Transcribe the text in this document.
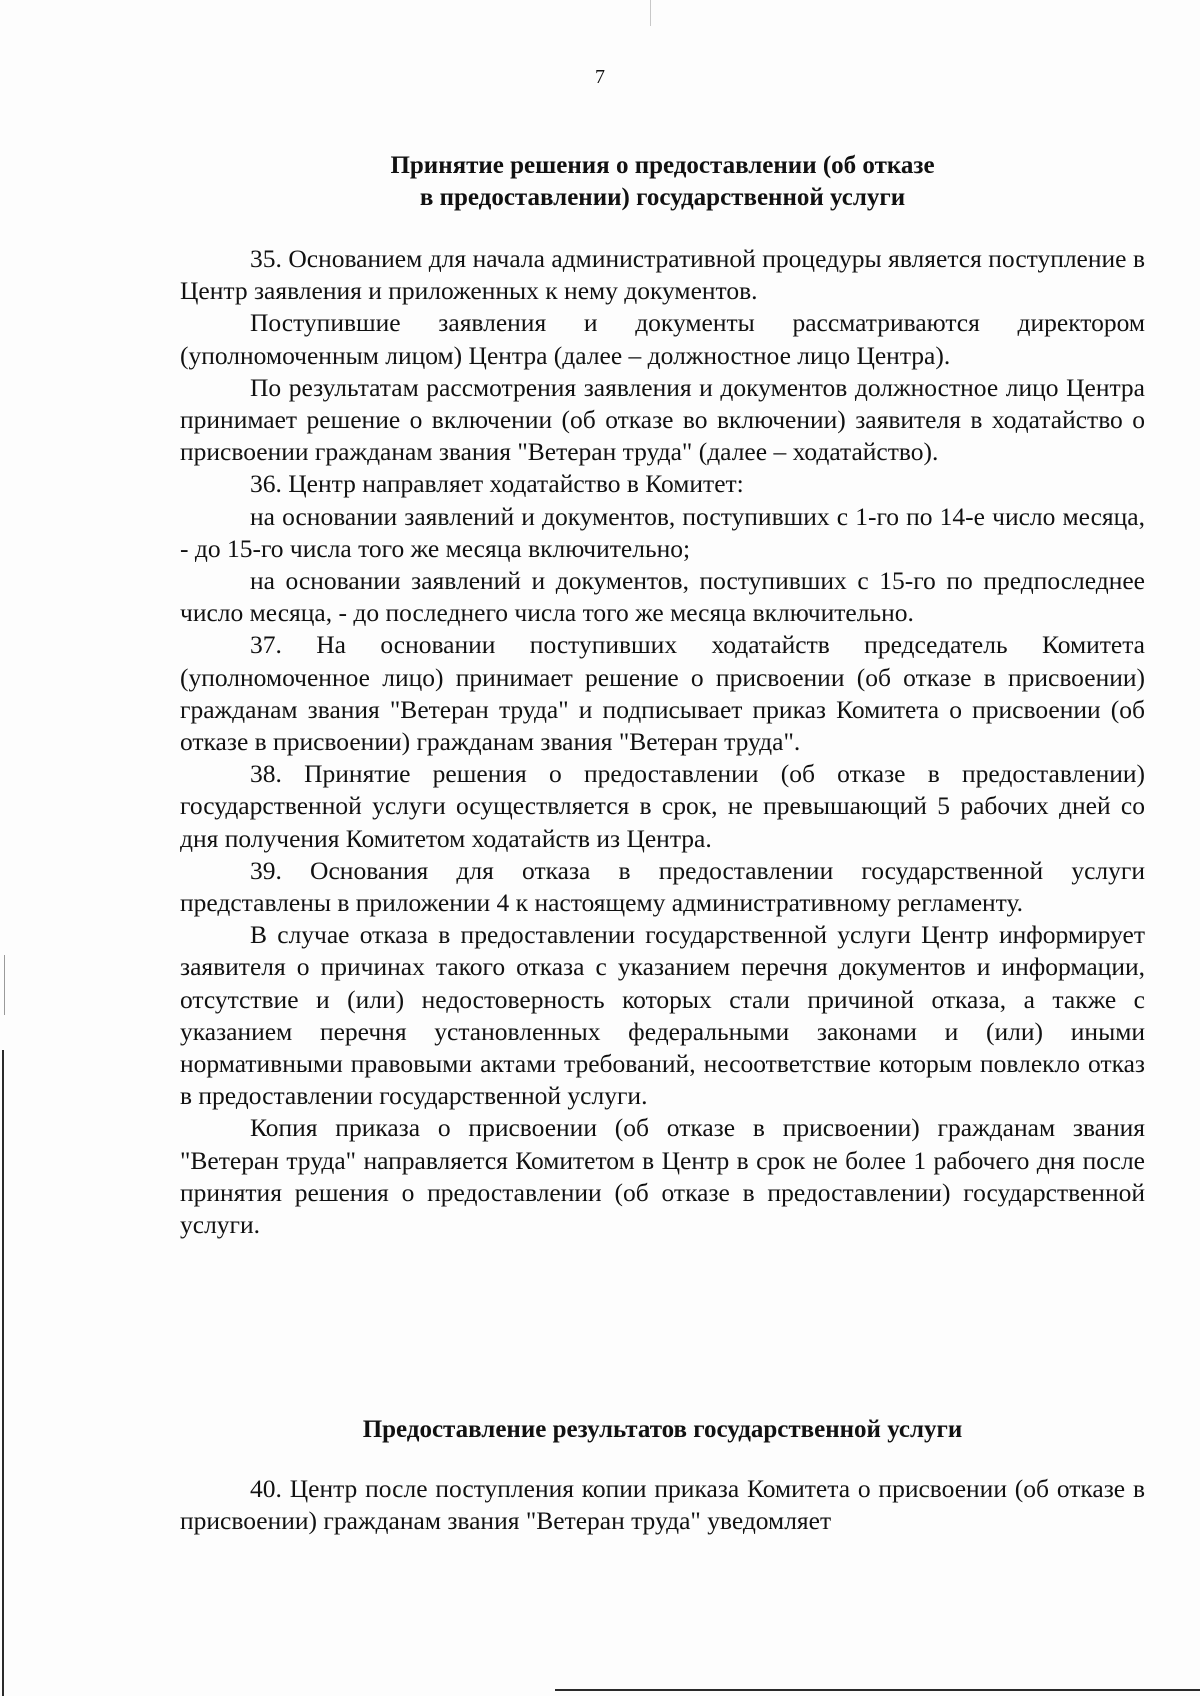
7
Принятие решения о предоставлении (об отказе
в предоставлении) государственной услуги

35. Основанием для начала административной процедуры является поступление в Центр заявления и приложенных к нему документов.

Поступившие заявления и документы рассматриваются директором (уполномоченным лицом) Центра (далее – должностное лицо Центра).

По результатам рассмотрения заявления и документов должностное лицо Центра принимает решение о включении (об отказе во включении) заявителя в ходатайство о присвоении гражданам звания "Ветеран труда" (далее – ходатайство).

36. Центр направляет ходатайство в Комитет:

на основании заявлений и документов, поступивших с 1-го по 14-е число месяца, - до 15-го числа того же месяца включительно;

на основании заявлений и документов, поступивших с 15-го по предпоследнее число месяца, - до последнего числа того же месяца включительно.

37. На основании поступивших ходатайств председатель Комитета (уполномоченное лицо) принимает решение о присвоении (об отказе в присвоении) гражданам звания "Ветеран труда" и подписывает приказ Комитета о присвоении (об отказе в присвоении) гражданам звания "Ветеран труда".

38. Принятие решения о предоставлении (об отказе в предоставлении) государственной услуги осуществляется в срок, не превышающий 5 рабочих дней со дня получения Комитетом ходатайств из Центра.

39. Основания для отказа в предоставлении государственной услуги представлены в приложении 4 к настоящему административному регламенту.

В случае отказа в предоставлении государственной услуги Центр информирует заявителя о причинах такого отказа с указанием перечня документов и информации, отсутствие и (или) недостоверность которых стали причиной отказа, а также с указанием перечня установленных федеральными законами и (или) иными нормативными правовыми актами требований, несоответствие которым повлекло отказ в предоставлении государственной услуги.

Копия приказа о присвоении (об отказе в присвоении) гражданам звания "Ветеран труда" направляется Комитетом в Центр в срок не более 1 рабочего дня после принятия решения о предоставлении (об отказе в предоставлении) государственной услуги.

Предоставление результатов государственной услуги

40. Центр после поступления копии приказа Комитета о присвоении (об отказе в присвоении) гражданам звания "Ветеран труда" уведомляет
